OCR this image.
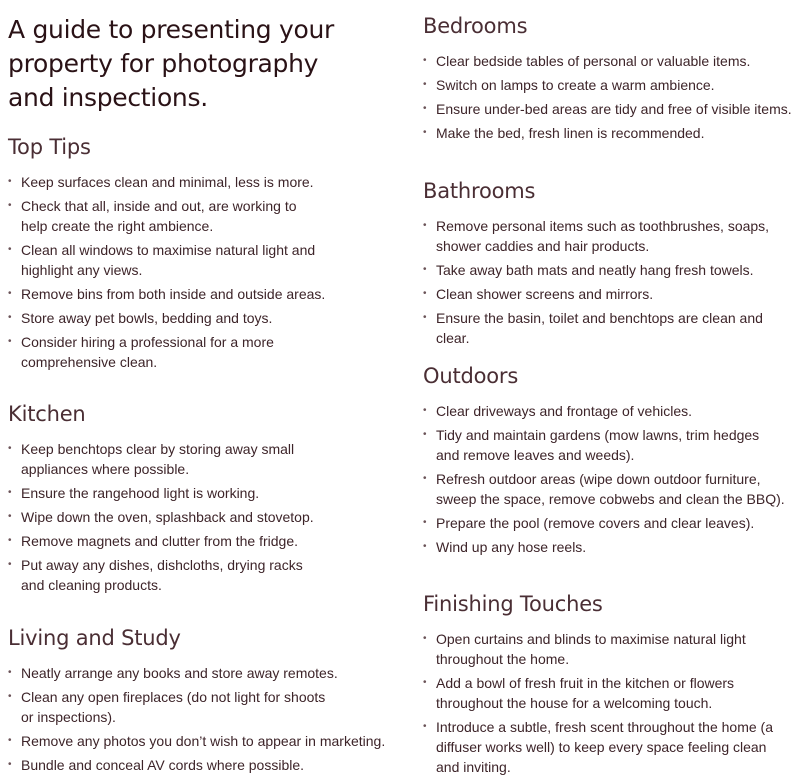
A guide to presenting your property for photography and inspections.
Top Tips
• Keep surfaces clean and minimal, less is more.
• Check that all, inside and out, are working to help create the right ambience.
• Clean all windows to maximise natural light and highlight any views.
• Remove bins from both inside and outside areas.
• Store away pet bowls, bedding and toys.
• Consider hiring a professional for a more comprehensive clean.
Kitchen
• Keep benchtops clear by storing away small appliances where possible.
• Ensure the rangehood light is working.
• Wipe down the oven, splashback and stovetop.
• Remove magnets and clutter from the fridge.
• Put away any dishes, dishcloths, drying racks and cleaning products.
Living and Study
• Neatly arrange any books and store away remotes.
• Clean any open fireplaces (do not light for shoots or inspections).
• Remove any photos you don’t wish to appear in marketing.
• Bundle and conceal AV cords where possible.
Bedrooms
• Clear bedside tables of personal or valuable items.
• Switch on lamps to create a warm ambience.
• Ensure under-bed areas are tidy and free of visible items.
• Make the bed, fresh linen is recommended.
Bathrooms
• Remove personal items such as toothbrushes, soaps, shower caddies and hair products.
• Take away bath mats and neatly hang fresh towels.
• Clean shower screens and mirrors.
• Ensure the basin, toilet and benchtops are clean and clear.
Outdoors
• Clear driveways and frontage of vehicles.
• Tidy and maintain gardens (mow lawns, trim hedges and remove leaves and weeds).
• Refresh outdoor areas (wipe down outdoor furniture, sweep the space, remove cobwebs and clean the BBQ).
• Prepare the pool (remove covers and clear leaves).
• Wind up any hose reels.
Finishing Touches
• Open curtains and blinds to maximise natural light throughout the home.
• Add a bowl of fresh fruit in the kitchen or flowers throughout the house for a welcoming touch.
• Introduce a subtle, fresh scent throughout the home (a diffuser works well) to keep every space feeling clean and inviting.
